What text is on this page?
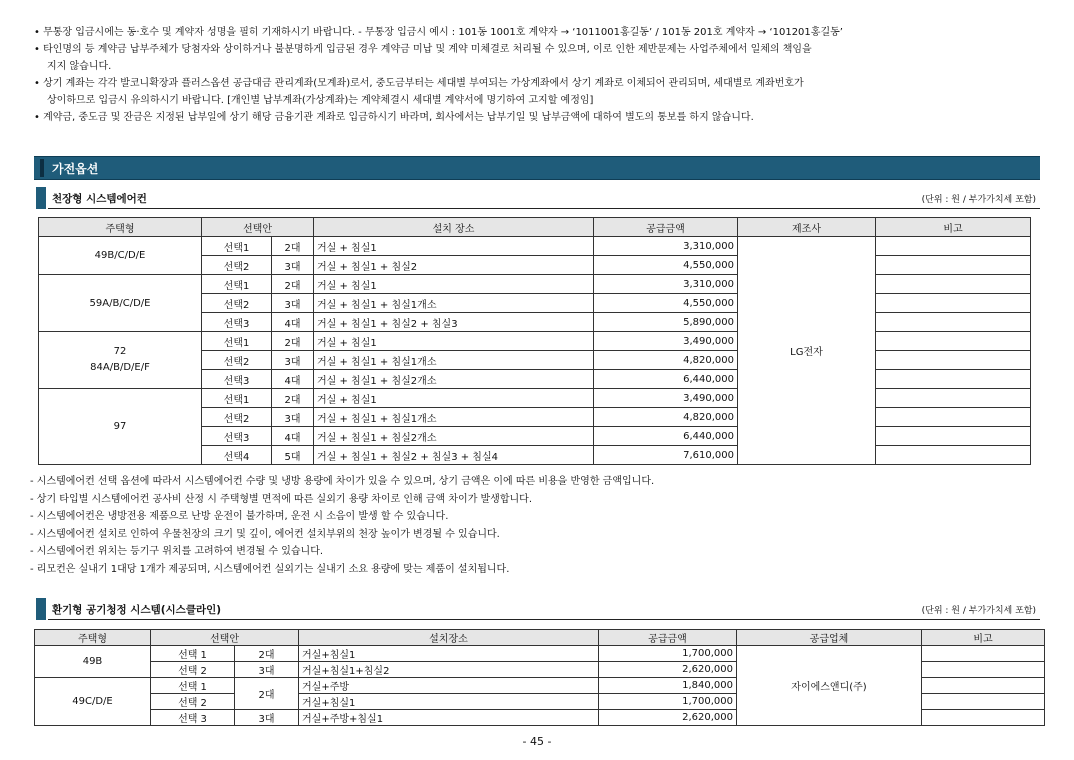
• 무통장 입금시에는 동·호수 및 계약자 성명을 필히 기재하시기 바랍니다. - 무통장 입금시 예시 : 101동 1001호 계약자 → ‘1011001홍길동’ / 101동 201호 계약자 → ‘101201홍길동’
• 타인명의 등 계약금 납부주체가 당첨자와 상이하거나 불분명하게 입금된 경우 계약금 미납 및 계약 미체결로 처리될 수 있으며, 이로 인한 제반문제는 사업주체에서 일체의 책임을
지지 않습니다.
• 상기 계좌는 각각 발코니확장과 플러스옵션 공급대금 관리계좌(모계좌)로서, 중도금부터는 세대별 부여되는 가상계좌에서 상기 계좌로 이체되어 관리되며, 세대별로 계좌번호가
상이하므로 입금시 유의하시기 바랍니다. [개인별 납부계좌(가상계좌)는 계약체결시 세대별 계약서에 명기하여 고지할 예정임]
• 계약금, 중도금 및 잔금은 지정된 납부일에 상기 해당 금융기관 계좌로 입금하시기 바라며, 회사에서는 납부기일 및 납부금액에 대하여 별도의 통보를 하지 않습니다.
가전옵션
천장형 시스템에어컨	(단위 : 원 / 부가가치세 포함)
주택형	선택안		설치 장소	공급금액	제조사	비고
49B/C/D/E	선택1	2대	거실 + 침실1	3,310,000	LG전자	
	선택2	3대	거실 + 침실1 + 침실2	4,550,000		
59A/B/C/D/E	선택1	2대	거실 + 침실1	3,310,000		
	선택2	3대	거실 + 침실1 + 침실1개소	4,550,000		
	선택3	4대	거실 + 침실1 + 침실2 + 침실3	5,890,000		

72
84A/B/D/E/F	선택1	2대	거실 + 침실1	3,490,000		
	선택2	3대	거실 + 침실1 + 침실1개소	4,820,000		
	선택3	4대	거실 + 침실1 + 침실2개소	6,440,000		
97	선택1	2대	거실 + 침실1	3,490,000		
	선택2	3대	거실 + 침실1 + 침실1개소	4,820,000		
	선택3	4대	거실 + 침실1 + 침실2개소	6,440,000		
	선택4	5대	거실 + 침실1 + 침실2 + 침실3 + 침실4	7,610,000		
- 시스템에어컨 선택 옵션에 따라서 시스템에어컨 수량 및 냉방 용량에 차이가 있을 수 있으며, 상기 금액은 이에 따른 비용을 반영한 금액입니다.
- 상기 타입별 시스템에어컨 공사비 산정 시 주택형별 면적에 따른 실외기 용량 차이로 인해 금액 차이가 발생합니다.
- 시스템에어컨은 냉방전용 제품으로 난방 운전이 불가하며, 운전 시 소음이 발생 할 수 있습니다.
- 시스템에어컨 설치로 인하여 우물천장의 크기 및 깊이, 에어컨 설치부위의 천장 높이가 변경될 수 있습니다.
- 시스템에어컨 위치는 등기구 위치를 고려하여 변경될 수 있습니다.
- 리모컨은 실내기 1대당 1개가 제공되며, 시스템에어컨 실외기는 실내기 소요 용량에 맞는 제품이 설치됩니다.
환기형 공기청정 시스템(시스클라인)	(단위 : 원 / 부가가치세 포함)
주택형	선택안		설치장소	공급금액	공급업체	비고
49B	선택 1	2대	거실+침실1	1,700,000	자이에스앤디(주)	
	선택 2	3대	거실+침실1+침실2	2,620,000		
49C/D/E	선택 1	2대	거실+주방	1,840,000		
	선택 2		거실+침실1	1,700,000		
	선택 3	3대	거실+주방+침실1	2,620,000		
- 45 -
